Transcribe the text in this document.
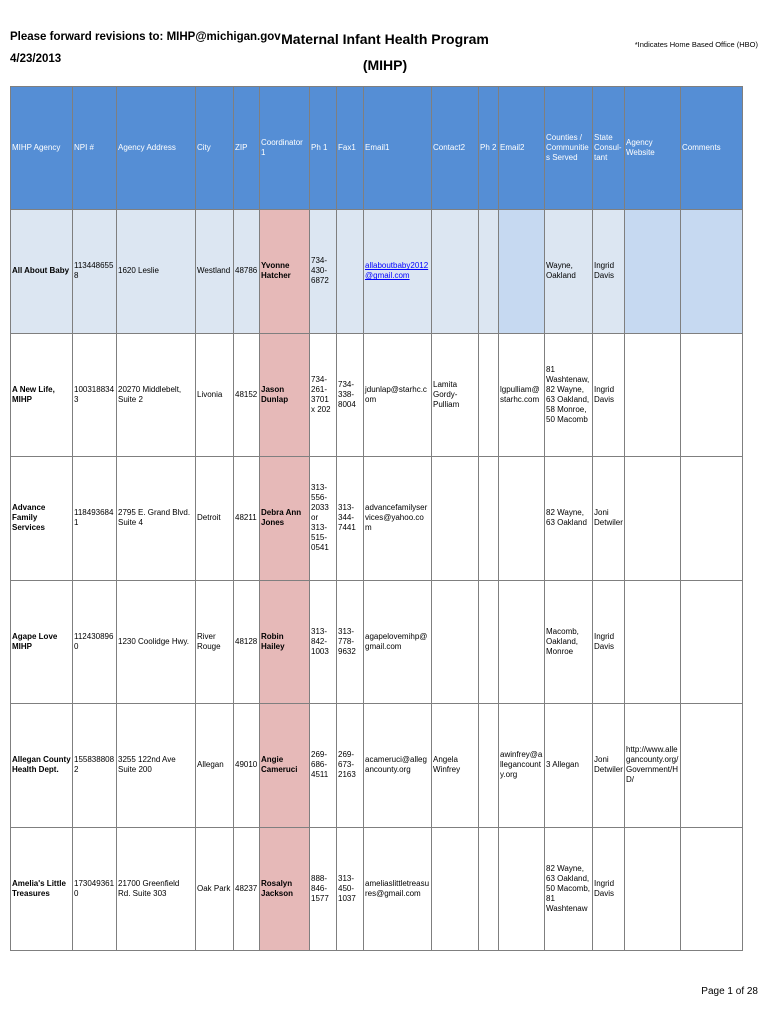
Please forward revisions to: MIHP@michigan.gov
4/23/2013
Maternal Infant Health Program (MIHP)
*Indicates Home Based Office (HBO)
MIHP Agency	NPI #	Agency Address	City	ZIP	Coordinator 1	Ph 1	Fax1	Email1	Contact2	Ph 2	Email2	Counties / Communities Served	State Consul- tant	Agency Website	Comments
All About Baby	1134486558	1620 Leslie	Westland	48786	Yvonne Hatcher	734-430-6872		allaboutbaby2012@gmail.com				Wayne, Oakland	Ingrid Davis		
A New Life, MIHP	1003188343	20270 Middlebelt, Suite 2	Livonia	48152	Jason Dunlap	734-261-3701 x 202	734-338-8004	jdunlap@starhc.com	Lamita Gordy-Pulliam		lgpulliam@starhc.com	81 Washtenaw, 82 Wayne, 63 Oakland, 58 Monroe, 50 Macomb	Ingrid Davis		
Advance Family Services	1184936841	2795 E. Grand Blvd. Suite 4	Detroit	48211	Debra Ann Jones	313-556-2033 or 313-515-0541	313-344-7441	advancefamilyservices@yahoo.com				82 Wayne, 63 Oakland	Joni Detwiler		
Agape Love MIHP	1124308960	1230 Coolidge Hwy.	River Rouge	48128	Robin Hailey	313-842-1003	313-778-9632	agapelovemihp@gmail.com				Macomb, Oakland, Monroe	Ingrid Davis		
Allegan County Health Dept.	1558388082	3255 122nd Ave Suite 200	Allegan	49010	Angie Cameruci	269-686-4511	269-673-2163	acameruci@allegancounty.org	Angela Winfrey		awinfrey@allegancounty.org	3 Allegan	Joni Detwiler	http://www.allegancounty.org/Government/HD/	
Amelia's Little Treasures	1730493610	21700 Greenfield Rd. Suite 303	Oak Park	48237	Rosalyn Jackson	888-846-1577	313-450-1037	ameliaslittletreasures@gmail.com				82 Wayne, 63 Oakland, 50 Macomb, 81 Washtenaw	Ingrid Davis		
Page 1 of 28
